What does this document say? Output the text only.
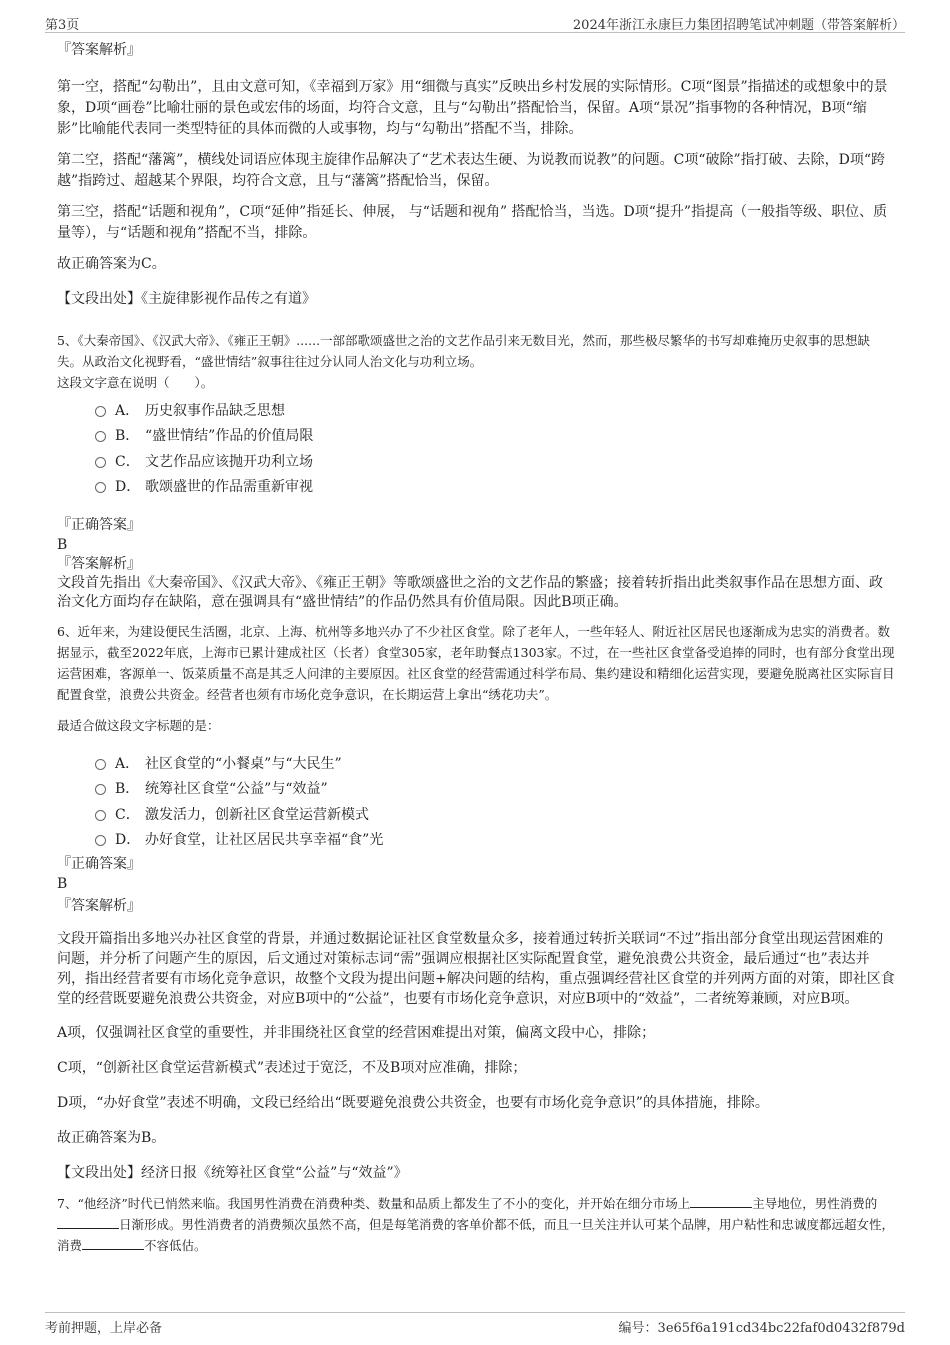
第3页	2024年浙江永康巨力集团招聘笔试冲刺题（带答案解析）

『答案解析』

第一空，搭配“勾勒出”，且由文意可知，《幸福到万家》用“细微与真实”反映出乡村发展的实际情形。C项“图景”指描述的或想象中的景象，D项“画卷”比喻壮丽的景色或宏伟的场面，均符合文意，且与“勾勒出”搭配恰当，保留。A项“景况”指事物的各种情况，B项“缩影”比喻能代表同一类型特征的具体而微的人或事物，均与“勾勒出”搭配不当，排除。

第二空，搭配“藩篱”，横线处词语应体现主旋律作品解决了“艺术表达生硬、为说教而说教”的问题。C项“破除”指打破、去除，D项“跨越”指跨过、超越某个界限，均符合文意，且与“藩篱”搭配恰当，保留。

第三空，搭配“话题和视角”，C项“延伸”指延长、伸展， 与“话题和视角” 搭配恰当，当选。D项“提升”指提高（一般指等级、职位、质量等），与“话题和视角”搭配不当，排除。

故正确答案为C。

【文段出处】《主旋律影视作品传之有道》

5、《大秦帝国》、《汉武大帝》、《雍正王朝》......一部部歌颂盛世之治的文艺作品引来无数目光，然而，那些极尽繁华的书写却难掩历史叙事的思想缺失。从政治文化视野看，“盛世情结”叙事往往过分认同人治文化与功利立场。

这段文字意在说明（　　）。

A． 历史叙事作品缺乏思想
B． “盛世情结”作品的价值局限
C． 文艺作品应该抛开功利立场
D． 歌颂盛世的作品需重新审视

『正确答案』

B

『答案解析』

文段首先指出《大秦帝国》、《汉武大帝》、《雍正王朝》等歌颂盛世之治的文艺作品的繁盛；接着转折指出此类叙事作品在思想方面、政治文化方面均存在缺陷，意在强调具有“盛世情结”的作品仍然具有价值局限。因此B项正确。

6、近年来，为建设便民生活圈，北京、上海、杭州等多地兴办了不少社区食堂。除了老年人，一些年轻人、附近社区居民也逐渐成为忠实的消费者。数据显示，截至2022年底，上海市已累计建成社区（长者）食堂305家，老年助餐点1303家。不过，在一些社区食堂备受追捧的同时，也有部分食堂出现运营困难，客源单一、饭菜质量不高是其乏人问津的主要原因。社区食堂的经营需通过科学布局、集约建设和精细化运营实现，要避免脱离社区实际盲目配置食堂，浪费公共资金。经营者也须有市场化竞争意识，在长期运营上拿出“绣花功夫”。

最适合做这段文字标题的是：

A． 社区食堂的“小餐桌”与“大民生”
B． 统筹社区食堂“公益”与“效益”
C． 激发活力，创新社区食堂运营新模式
D． 办好食堂，让社区居民共享幸福“食”光

『正确答案』

B

『答案解析』

文段开篇指出多地兴办社区食堂的背景，并通过数据论证社区食堂数量众多，接着通过转折关联词“不过”指出部分食堂出现运营困难的问题，并分析了问题产生的原因，后文通过对策标志词“需”强调应根据社区实际配置食堂，避免浪费公共资金，最后通过“也”表达并列，指出经营者要有市场化竞争意识，故整个文段为提出问题+解决问题的结构，重点强调经营社区食堂的并列两方面的对策，即社区食堂的经营既要避免浪费公共资金，对应B项中的“公益”，也要有市场化竞争意识，对应B项中的“效益”，二者统筹兼顾，对应B项。

A项，仅强调社区食堂的重要性，并非围绕社区食堂的经营困难提出对策，偏离文段中心，排除；

C项，“创新社区食堂运营新模式”表述过于宽泛，不及B项对应准确，排除；

D项，“办好食堂”表述不明确，文段已经给出“既要避免浪费公共资金，也要有市场化竞争意识”的具体措施，排除。

故正确答案为B。

【文段出处】经济日报《统筹社区食堂“公益”与“效益”》

7、“他经济”时代已悄然来临。我国男性消费在消费种类、数量和品质上都发生了不小的变化，并开始在细分市场上	主导地位，男性消费的日渐形成。男性消费者的消费频次虽然不高，但是每笔消费的客单价都不低，而且一旦关注并认可某个品牌，用户粘性和忠诚度都远超女性，消费	不容低估。

考前押题，上岸必备	编号：3e65f6a191cd34bc22faf0d0432f879d
